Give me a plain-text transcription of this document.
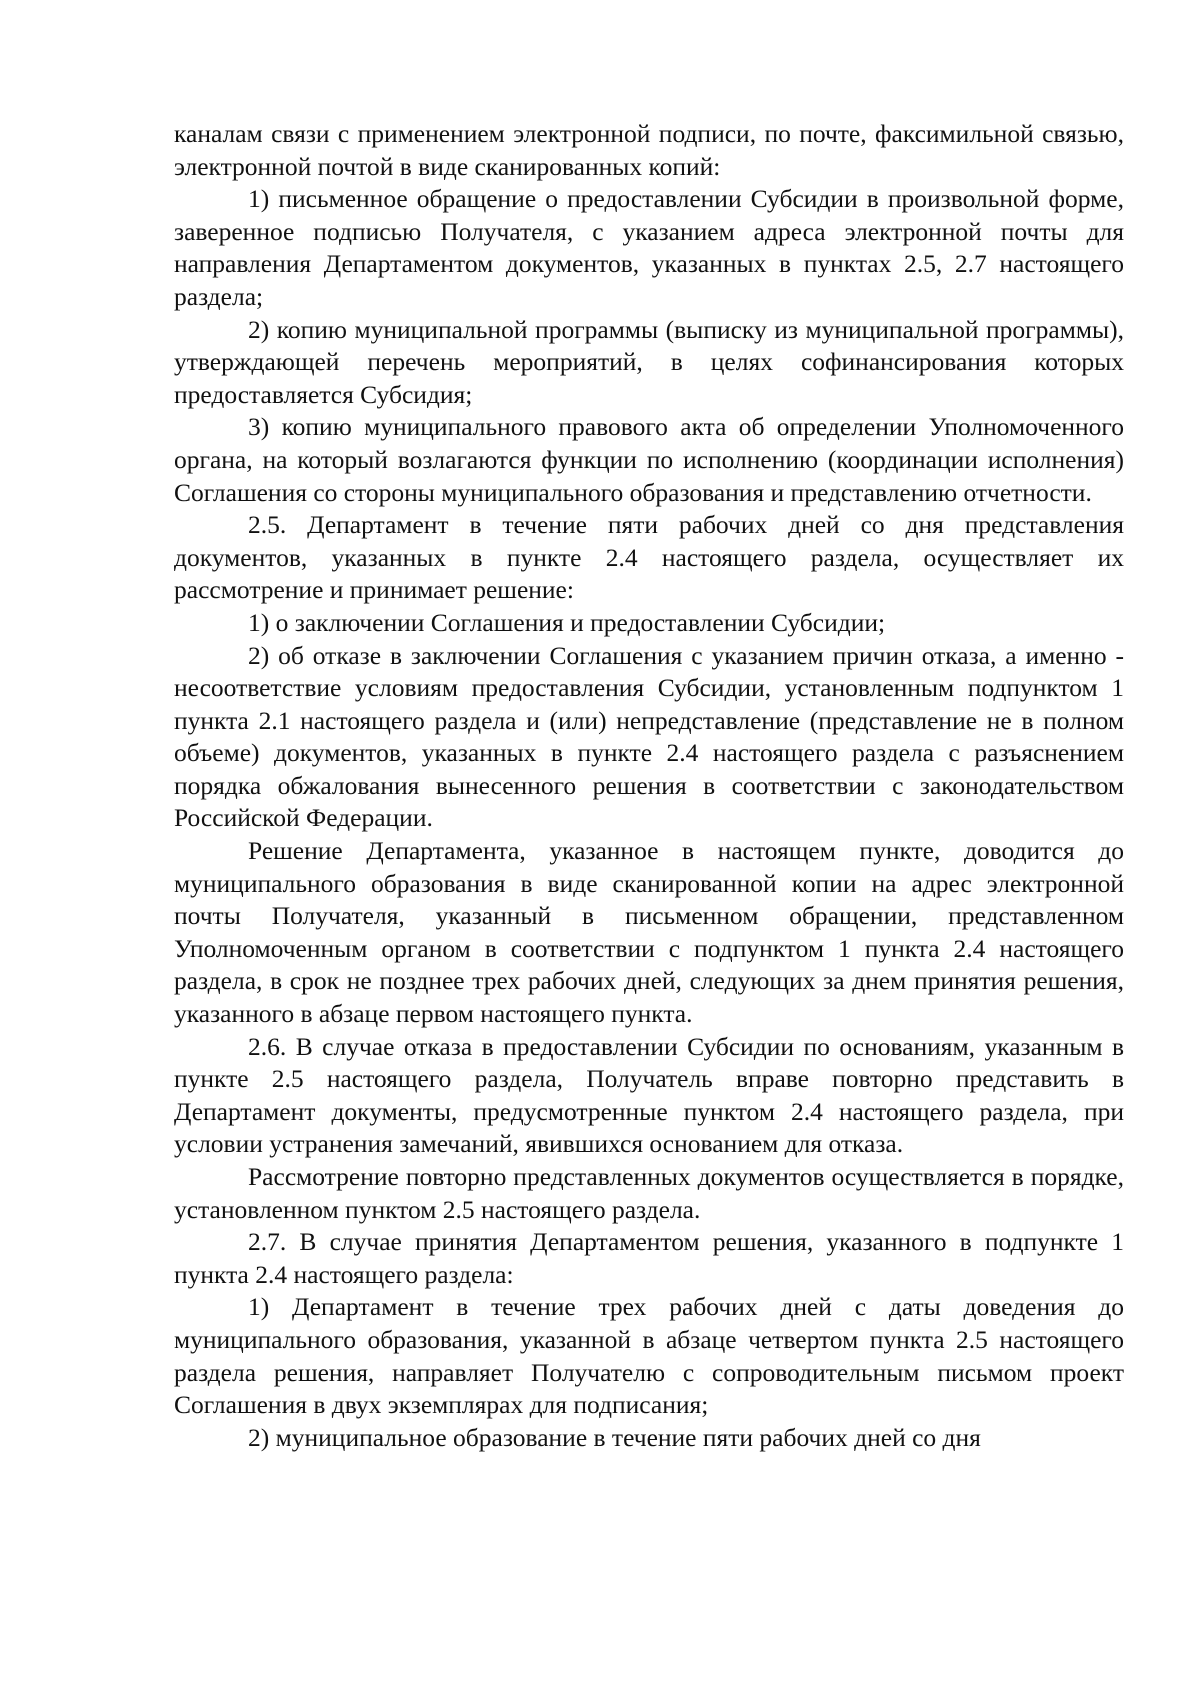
каналам связи с применением электронной подписи, по почте, факсимильной связью, электронной почтой в виде сканированных копий:

1) письменное обращение о предоставлении Субсидии в произвольной форме, заверенное подписью Получателя, с указанием адреса электронной почты для направления Департаментом документов, указанных в пунктах 2.5, 2.7 настоящего раздела;

2) копию муниципальной программы (выписку из муниципальной программы), утверждающей перечень мероприятий, в целях софинансирования которых предоставляется Субсидия;

3) копию муниципального правового акта об определении Уполномоченного органа, на который возлагаются функции по исполнению (координации исполнения) Соглашения со стороны муниципального образования и представлению отчетности.

2.5. Департамент в течение пяти рабочих дней со дня представления документов, указанных в пункте 2.4 настоящего раздела, осуществляет их рассмотрение и принимает решение:

1) о заключении Соглашения и предоставлении Субсидии;

2) об отказе в заключении Соглашения с указанием причин отказа, а именно - несоответствие условиям предоставления Субсидии, установленным подпунктом 1 пункта 2.1 настоящего раздела и (или) непредставление (представление не в полном объеме) документов, указанных в пункте 2.4 настоящего раздела с разъяснением порядка обжалования вынесенного решения в соответствии с законодательством Российской Федерации.

Решение Департамента, указанное в настоящем пункте, доводится до муниципального образования в виде сканированной копии на адрес электронной почты Получателя, указанный в письменном обращении, представленном Уполномоченным органом в соответствии с подпунктом 1 пункта 2.4 настоящего раздела, в срок не позднее трех рабочих дней, следующих за днем принятия решения, указанного в абзаце первом настоящего пункта.

2.6. В случае отказа в предоставлении Субсидии по основаниям, указанным в пункте 2.5 настоящего раздела, Получатель вправе повторно представить в Департамент документы, предусмотренные пунктом 2.4 настоящего раздела, при условии устранения замечаний, явившихся основанием для отказа.

Рассмотрение повторно представленных документов осуществляется в порядке, установленном пунктом 2.5 настоящего раздела.

2.7. В случае принятия Департаментом решения, указанного в подпункте 1 пункта 2.4 настоящего раздела:

1) Департамент в течение трех рабочих дней с даты доведения до муниципального образования, указанной в абзаце четвертом пункта 2.5 настоящего раздела решения, направляет Получателю с сопроводительным письмом проект Соглашения в двух экземплярах для подписания;

2) муниципальное образование в течение пяти рабочих дней со дня
